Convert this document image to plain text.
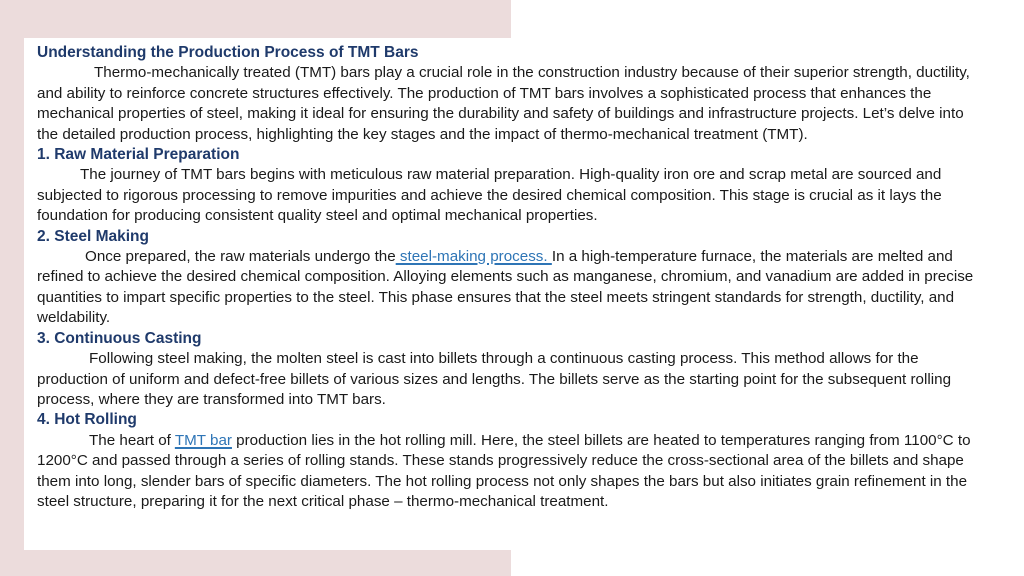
Understanding the Production Process of TMT Bars

Thermo-mechanically treated (TMT) bars play a crucial role in the construction industry because of their superior strength, ductility, and ability to reinforce concrete structures effectively. The production of TMT bars involves a sophisticated process that enhances the mechanical properties of steel, making it ideal for ensuring the durability and safety of buildings and infrastructure projects. Let’s delve into the detailed production process, highlighting the key stages and the impact of thermo-mechanical treatment (TMT).

1. Raw Material Preparation

The journey of TMT bars begins with meticulous raw material preparation. High-quality iron ore and scrap metal are sourced and subjected to rigorous processing to remove impurities and achieve the desired chemical composition. This stage is crucial as it lays the foundation for producing consistent quality steel and optimal mechanical properties.

2. Steel Making

Once prepared, the raw materials undergo the steel-making process. In a high-temperature furnace, the materials are melted and refined to achieve the desired chemical composition. Alloying elements such as manganese, chromium, and vanadium are added in precise quantities to impart specific properties to the steel. This phase ensures that the steel meets stringent standards for strength, ductility, and weldability.

3. Continuous Casting

Following steel making, the molten steel is cast into billets through a continuous casting process. This method allows for the production of uniform and defect-free billets of various sizes and lengths. The billets serve as the starting point for the subsequent rolling process, where they are transformed into TMT bars.

4. Hot Rolling

The heart of TMT bar production lies in the hot rolling mill. Here, the steel billets are heated to temperatures ranging from 1100°C to 1200°C and passed through a series of rolling stands. These stands progressively reduce the cross-sectional area of the billets and shape them into long, slender bars of specific diameters. The hot rolling process not only shapes the bars but also initiates grain refinement in the steel structure, preparing it for the next critical phase – thermo-mechanical treatment.
